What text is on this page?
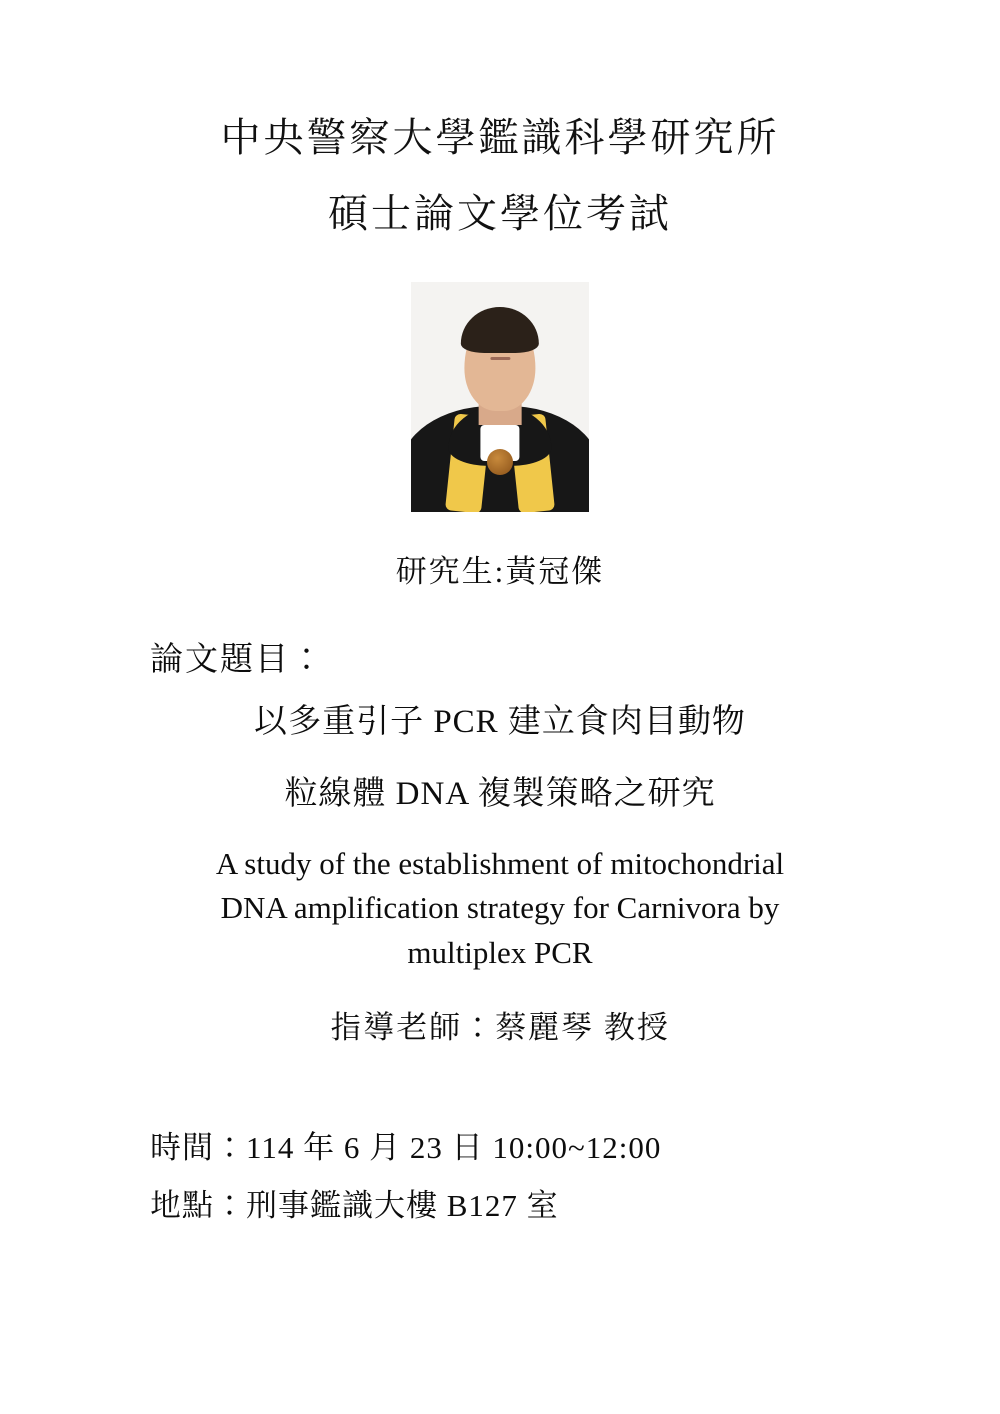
中央警察大學鑑識科學研究所
碩士論文學位考試
研究生:黃冠傑
論文題目：
以多重引子 PCR 建立食肉目動物
粒線體 DNA 複製策略之研究
A study of the establishment of mitochondrial
DNA amplification strategy for Carnivora by
multiplex PCR
指導老師：蔡麗琴 教授
時間：114 年 6 月 23 日 10:00~12:00
地點：刑事鑑識大樓 B127 室
